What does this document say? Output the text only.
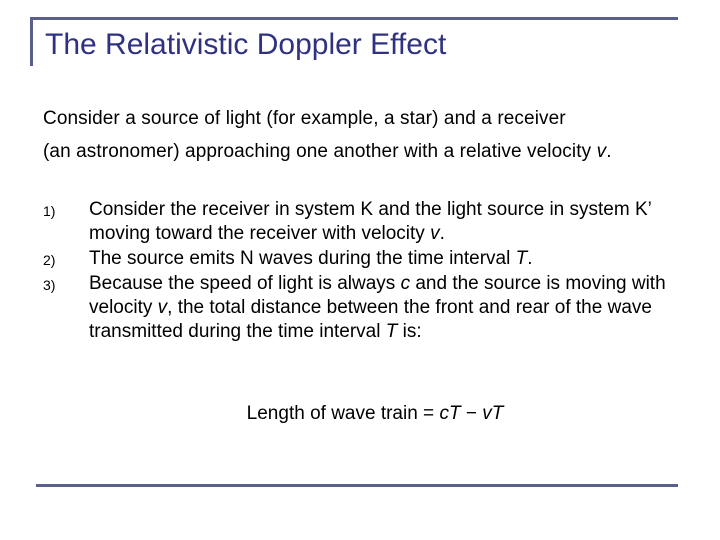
The Relativistic Doppler Effect
Consider a source of light (for example, a star) and a receiver
(an astronomer) approaching one another with a relative velocity v.
1) Consider the receiver in system K and the light source in system K’ moving toward the receiver with velocity v.
2) The source emits N waves during the time interval T.
3) Because the speed of light is always c and the source is moving with velocity v, the total distance between the front and rear of the wave transmitted during the time interval T is:
Length of wave train = cT − vT
